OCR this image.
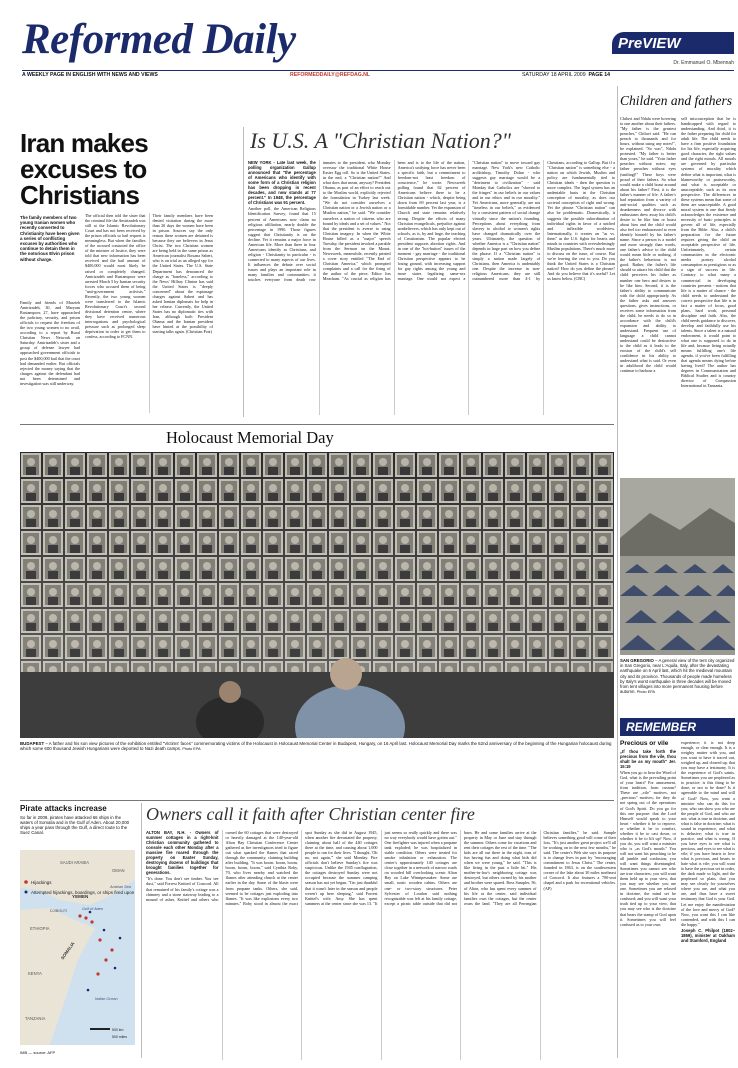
Reformed Daily	PreVIEW
Dr. Emmanuel O. Mbennah
A WEEKLY PAGE IN ENGLISH WITH NEWS AND VIEWS	REFORMEDDAILY@REFDAG.NL	SATURDAY 18 APRIL 2009 PAGE 14
Iran makes excuses to Christians
The family members of two young Iranian women who recently converted to Christianity have been given a series of conflicting excuses by authorities who continue to detain them in the notorious Elvin prison without charge.
Family and friends of Marzieh Amirizadeh, 30, and Maryam Rustampoor, 27, have approached the judiciary, security, and prison officials to request the freedom of the two young women to no avail, according to a report by Rural Christian News Network on Saturday. Amirizadeh's sister and a group of defense lawyer had approached government officials to post the $400,000 bail that the court had demanded earlier. But officials rejected the money saying that the charges against the defendant had not been determined and investigation was still underway.

The official then told the sister that the criminal file the Amirizadeh was still at the Islamic Revolutionary Court and has not been received by the prison officials so bail request is meaningless. But when the families of the accused contacted the office of the minister of Justice, they were told that new information has been received and the bail amount of $400,000 would most likely be raised or completely changed. Amirizadeh and Rustampoor were arrested March 5 by Iranian security forces who accused them of being "anti-government activists." Recently, the two young women were transferred to the Islamic Revolutionary Court's second divisional detention centre, where they have received numerous interrogations and psychological pressure such as prolonged sleep deprivation in order to get them to confess, according to FCNN.

Their family members have been denied visitation during the more than 20 days the women have been in prison. Sources say the only reason these women are detained is because they are believers in Jesus Christ. The two Christian women are being held in the same prison as American journalist Roxana Saberi, who is on trial as an alleged spy for the United States. The U.S. State Department has denounced the charge as "baseless," according to the News' Hillary Clinton has said the United States is "deeply concerned" about the espionage charges against Saberi and has asked Iranian diplomats for help in her release. Currently, the United States has no diplomatic ties with Iran, although both President Obama and the Iranian president have hinted at the possibility of starting talks again. (Christian Post)

Is U.S. A "Christian Nation?"

NEW YORK - Late last week, the polling organization Gallup announced that "the percentage of Americans who identify with some form of a Christian religion has been dropping in recent decades, and now stands at 77 percent." In 1948, the percentage of Christians was 91 percent.

Another poll, the American Religious Identification Survey, found that 15 percent of Americans now claim no religious affiliation, nearly double the percentage in 1990. Those figures suggest that Christianity is on the decline. Yet it remains a major force in American life. More than three in four Americans identify as Christians, and religion - Christianity in particular - is connected to many aspects of our lives. It influences the debate over social issues and plays an important role in many families and communities; it touches everyone from death row inmates to the president, who Monday oversaw the traditional White House Easter Egg roll. So is the United States, in the end, a "Christian nation?" And what does that mean, anyway? President Obama, as part of an effort to reach out to the Muslim world, explicitly rejected the formulation in Turkey last week. "We do not consider ourselves a Christian nation or a Jewish nation or a Muslim nation," he said. "We consider ourselves a nation of citizens who are bound by ideals and a set of values." Not that the president is averse to using Christian imagery. In when the White House billed as a "major" speech Tuesday, the president invoked a parable from the Sermon on the Mount. Newsweek, meanwhile, recently printed a cover story entitled "The End of Christian America," which prompted complaints and a call for the firing of the author of the piece, Editor Jon Meacham. "As crucial as religion has been and is to the life of the nation, America's unifying force has never been a specific faith, but a commitment to freedom-not least freedom of conscience," he wrote. Newsweek polling found that 62 percent of Americans believe there to be a Christian nation - which, despite being down from 69 percent last year, is a formidable number. Yet the expansion of Church and state remains relatively strong. Despite the efforts of many Christian evangelicals, prejudice against nonbelievers, which has only kept out of schools, as is, by and large, the teaching of Creationism. The popular elected president supports abortion rights. And in one of the "hot-button" issues of the moment - gay marriage - the traditional Christian perspective appears to be losing ground, with increasing support for gay rights among the young and more states legalizing same-sex marriage. One would not expect a "Christian nation" to move toward gay marriage. New York's new Catholic archbishop, Timothy Dolan - who suggests gay marriage would be a "detriment to civilization" - said Monday that Catholics are "shoved to the fringes" in our beliefs in our values and in our ethics and in our morality." Yet Americans, more generally, are not "timeless in our beliefs," as evidenced by a consistent pattern of social change virtually since the nation's founding. Perceptions about everything from slavery to alcohol to women's rights have changed dramatically over the years. Ultimately, the question of whether America is a "Christian nation" depends in large part on how you define the phrase. If a "Christian nation" is simply a nation made largely of Christians, then America is undeniably one. Despite the increase in non-religious Americans, they are still outnumbered more than 4-1 by Christians, according to Gallup. But if a "Christian nation" is something else - a nation on which Jewish, Muslim and policy are fundamentally tied to Christian ideals - then the question is more complex. The legal system has an undeniable basis in the Christian conception of morality, as does our societal conception of right and wrong. Yet the phrase "Christian nation" can also be problematic. Domestically, it suggests the possible subordination of individual rights in favor of a unified and inflexible worldview. Internationally, it creates an "us vs. them" as the U.S. fights for hearts and minds in countries with overwhelmingly Muslim populations. There's much more to discuss on the issue, of course. But we're leaving the rest to you. Do you think the United States is a Christian nation? How do you define the phrase? And do you believe that it's useful? Let us know below. (CBC)

Children and fathers
Chiluvi and Ndalu were hovering to one another about their fathers. "My father is the greatest preacher," Chiluvi said. "He can preach to thousands and for hours, without using any notes!", he explained. "So was", Ndalu protested. "My father is better than yours," he said. "Your father preaches without notes; my father preaches without eyes (smiling)!" These boys were proud of their fathers. So what would make a child boast around about his father? First, it is the father's manner of life. A father's bad reputation from a variety of anti-social qualities such as drunkenness and divorce with enthusiasm drew away his child's desire to be like him or boast about him and the child would also feel too embarrassed to even identify himself by his father's name. Since a person is a model and more strongly than words, one father's advice to the child would mean little or nothing, if the father's behaviour is not good. Rather, the father's life should so attract his child that the child perceives his father as number one hero and desires to be like him. Second, it is the father's ability to communicate with the child appropriately. As the father asks and answers questions, gives instructions, or receives some information from the child, he needs to do so in accordance with the child's expansion and ability to understand. Frequent use of language a child cannot understand could be destructive to the child as it leads to the erosion of the child's self confidence in his ability to understand what is said. Or even in adulthood the child would continue to harbour a
self misconception that he is handicapped with regard to understanding. And third, it is the father preparing his child for adult life. The child needs to have a firm positive foundation for his life, especially acquiring good character, the right values and the right morals. All morals are governed by particular systems of morality which define what is important, what is blameworthy or praiseworthy, and what is acceptable or unacceptable, such as its own perspective. The differences in these systems mean that some of them are unacceptable. A good moral system is one that firmly acknowledges the existence and necessity of basic principles to govern all of life, especially from the Bible. Also, a child's preparation for the future requires giving the child an acceptable perspective of life. Unfortunately, certain communities in the electronic media portray alcohol consumption as prestigious or as a sign of success in life. Contrary to what many a commercial in developing countries presents - notions that life is a matter of chance - the child needs to understand the correct perspective that life is in fact a matter of focus, good plans, hard work, personal discipline and faith. Also, the child needs guidance to discover, develop and faithfully use his talents. Since a talent is a natural endowment, it would point to what one is supposed to do in life and, because living actually means fulfilling one's life agenda, if you've been fulfilling that agenda means dying before having lived! The author has degrees in Communication and Biblical Studies and is country director of Compassion International in Tanzania.
Holocaust Memorial Day
BUDAPEST – A father and his son view pictures of the exhibition entitled "Victims' faces" commemorating victims of the Holocaust in Holocaust Memorial Center in Budapest, Hungary, on 16 April last. Holocaust Memorial Day marks the 62nd anniversary of the beginning of the Hungarian holocaust during which some 600 thousand Jewish Hungarians were deported to Nazi death camps. Photo EPA
SAN GREGORIO – A general view of the tent city organized in San Gregorio, near L'Aquila, Italy, after the devastating earthquake on 6 April last, which hit the medieval mountain city and its province. Thousands of people made homeless by Italy's worst earthquake in three decades will be moved from tent villages into more permanent housing before autumn. Photo EPA
REMEMBER

Precious or vile

„If thou take forth the precious from the vile, thou shalt be as my mouth" Jer. 15:19

When you go to hear the Word of God, what is the prevailing point of your heart? For amusement, from tradition, from custom? These are „vile" motives, not „precious" motives; for they do not spring out of the operations of God's Spirit. Do you go for this one purpose: that the Lord Himself would speak to your heart - whether it be to reprove, or whether it be to comfort, whether it be to cast down, or whether it be to lift up? Now, if you do, you will want a minister who is „as God's mouth." You will not want his preaching to be all jumble and confusion; you will want things disentangled. Sometimes you cannot see who are true characters; you will want them held up to your view, that you may see whether you are one. Sometimes you are relaxed in doctrine, the mind set be confused; and you will want your truth tied up to your view, that you may see who is the doctrine that bears the stamp of God upon it. Sometimes you will feel confused as to your own

experience; it is not deep enough, or clear enough. It is a weighty matter with you, and you want to have it traced out, weighed up, and cleared up, that you may have a testimony. It is the experience of God's saints. Sometimes you are perplexed as to practice: is this thing to be done, or not to be done? Is it agreeable to the mind and will of God? Now, you want a minister who can do this for you; who can show you who are the people of God, and who are not; what is true in doctrine, and what is false in doctrine; what is sound in experience, and what is delusive; what is true in practice, and what is wrong. If you have eyes to see what is precious, and eyes to see what is vile; if you have hearts to love what is precious, and hearts to hate what is vile; you will want to have the precious set in order, the dark made so light, and the perplexed so plain, that you may see clearly for yourselves where you are, and what you are, and thus have a sweet testimony that God is your God. Let me enjoy the manifestation of the love and mercy of God? Now, you want this I can like contended, and with this I can die happy."

Joseph C. Philpot (1802–1869), minister at Oakham and Stamford, England

Pirate attacks increase
So far in 2009, pirates have attacked 66 ships in the waters of Somalia and in the Gulf of Aden. About 20,000 ships a year pass through the Gulf, a direct route to the Suez Canal.
Hijackings
Attempted hijackings, boardings, or ships fired upon
SAUDI ARABIA
OMAN
YEMEN
Arabian Sea
Gulf of Aden
DJIBOUTI
ETHIOPIA
SOMALIA
KENYA
Indian Ocean
TANZANIA
500 km
500 miles
IMB — source: AFP
Owners call it faith after Christian center fire

ALTON BAY, N.H. - Owners of summer cottages in a right-knit Christian community gathered to console each other Monday after a massive fire roared through the property on Easter Sunday, destroying dozens of buildings that brought families together for generations.

"It's done. You don't see timber. You see dust," said Forrest Knitted of Concord. All that remained of his family's cottage was a chimney and a stone stairway leading to a mound of ashes. Knittel and others who owned the 60 cottages that were destroyed or heavily damaged at the 140-year-old Alton Bay Christian Conference Center gathered as fire investigators tried to figure out what sparked the flames that raced through the community, claiming building after building. "It was boom, boom, boom, boom, boom, boom," said Cynthia Roby, 70, who lives nearby and watched the flames after attending church at the center earlier in the day. Some of the blasts were from propane tanks. Others, she said, seemed to be cottages just exploding into flames. "It was like explosions every two minutes." Roby stood in almost the exact spot Sunday as she did in August 1945, when another fire devastated the property, claiming about half of the 440 cottages there at the time, and causing about 1,000 people to run for their lives. "I thought, 'Oh no, not again,'" she said Monday. Fire officials don't believe Sunday's fire was suspicious. Unlike the 1945 conflagration, the cottages destroyed Sunday were not occupied because the summer camping season has not yet begun. "I'm just thankful that it wasn't later in the season and people weren't up here sleeping," said Forrest Knittel's wife, Amy. She has spent summers at the center since she was 13. "It just seems so really quickly and there was no way everybody would have gotten out." One firefighter was injured when a propane tank exploded; he was hospitalized in stable condition. Others were treated for smoke inhalation or exhaustion. The center's approximately 140 cottages are close together in a network of narrow roads on wooded hill overlooking scenic Alton Bay on Lake Winnipesaukee. Some are small, rustic wooden cabins. Others are one- or two-story structures. Peter Sylvester of Loudon said nothing recognizable was left at his family cottage, except a picnic table outside that did not burn. He and some families arrive at the property in May or June and stay through the summer. Others come for vacations and rent their cottages the rest of the time. "The kids are all out there in the night, tons of fun having fun and doing what kids did when we were young," he said. "This is like living in the past a little bit." His mother-in-law's neighboring cottage was destroyed, but others owned by his mother and brother were spared. Ross Sampler, 56, of Alton, who has spent every summer of his life at the center, said individual families own the cottages, but the center owns the land. "They are all Perrrngian Christian families," he said. Sample believes something good will come of their loss. "It's just another great project we'll all be working on in the next few months," he said. The center's Web site says its purpose is to change lives in part by "encouraging commitment to Jesus Christ." The center, founded in 1863, is on the southwestern corner of the lake about 30 miles northeast of Concord. It also features a 700-seat chapel and a park for recreational vehicles. (AP)
